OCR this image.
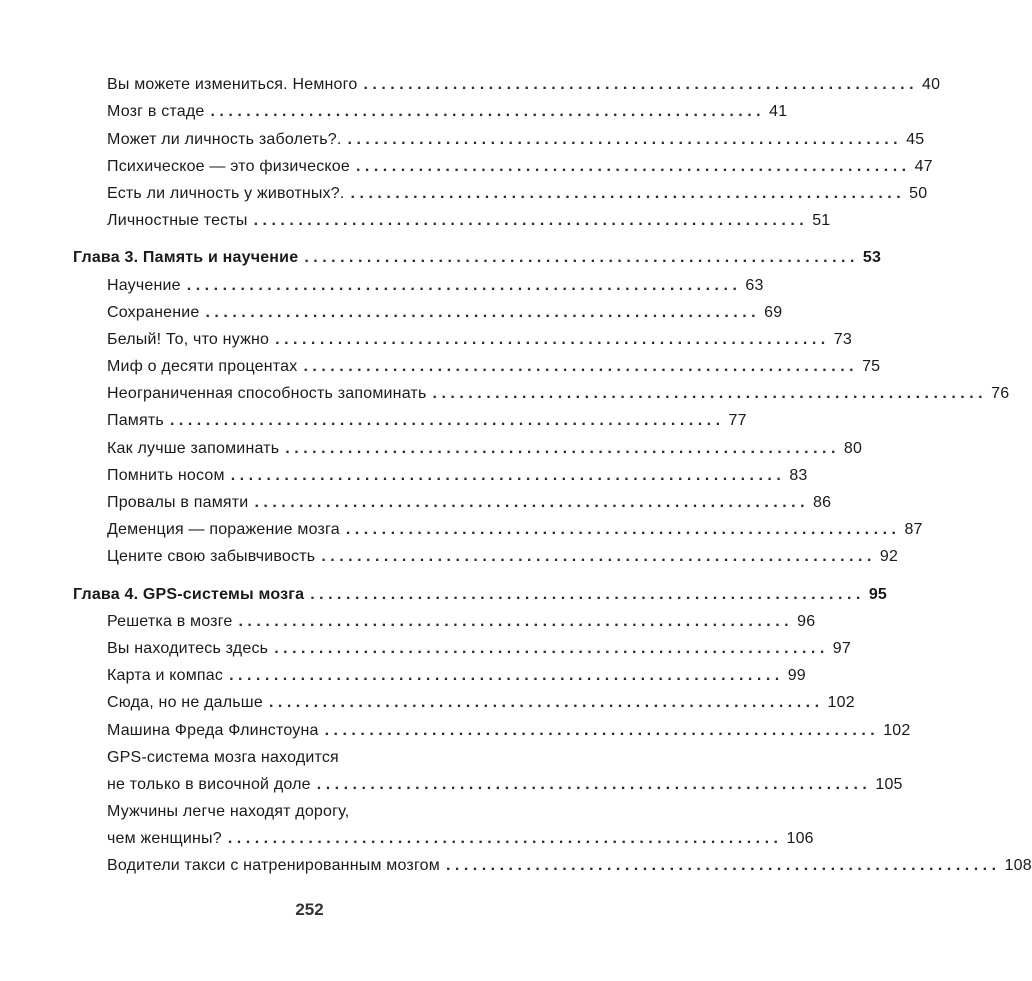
Вы можете измениться. Немного .............................................................. 40
Мозг в стаде .............................................................. 41
Может ли личность заболеть?. .............................................................. 45
Психическое — это физическое .............................................................. 47
Есть ли личность у животных?. .............................................................. 50
Личностные тесты .............................................................. 51
Глава 3. Память и научение .............................................................. 53
Научение .............................................................. 63
Сохранение .............................................................. 69
Белый! То, что нужно .............................................................. 73
Миф о десяти процентах .............................................................. 75
Неограниченная способность запоминать .............................................................. 76
Память .............................................................. 77
Как лучше запоминать .............................................................. 80
Помнить носом .............................................................. 83
Провалы в памяти .............................................................. 86
Деменция — поражение мозга .............................................................. 87
Цените свою забывчивость .............................................................. 92
Глава 4. GPS-системы мозга .............................................................. 95
Решетка в мозге .............................................................. 96
Вы находитесь здесь .............................................................. 97
Карта и компас .............................................................. 99
Сюда, но не дальше .............................................................. 102
Машина Фреда Флинстоуна .............................................................. 102
GPS-система мозга находится
не только в височной доле .............................................................. 105
Мужчины легче находят дорогу,
чем женщины? .............................................................. 106
Водители такси с натренированным мозгом .............................................................. 108
252
